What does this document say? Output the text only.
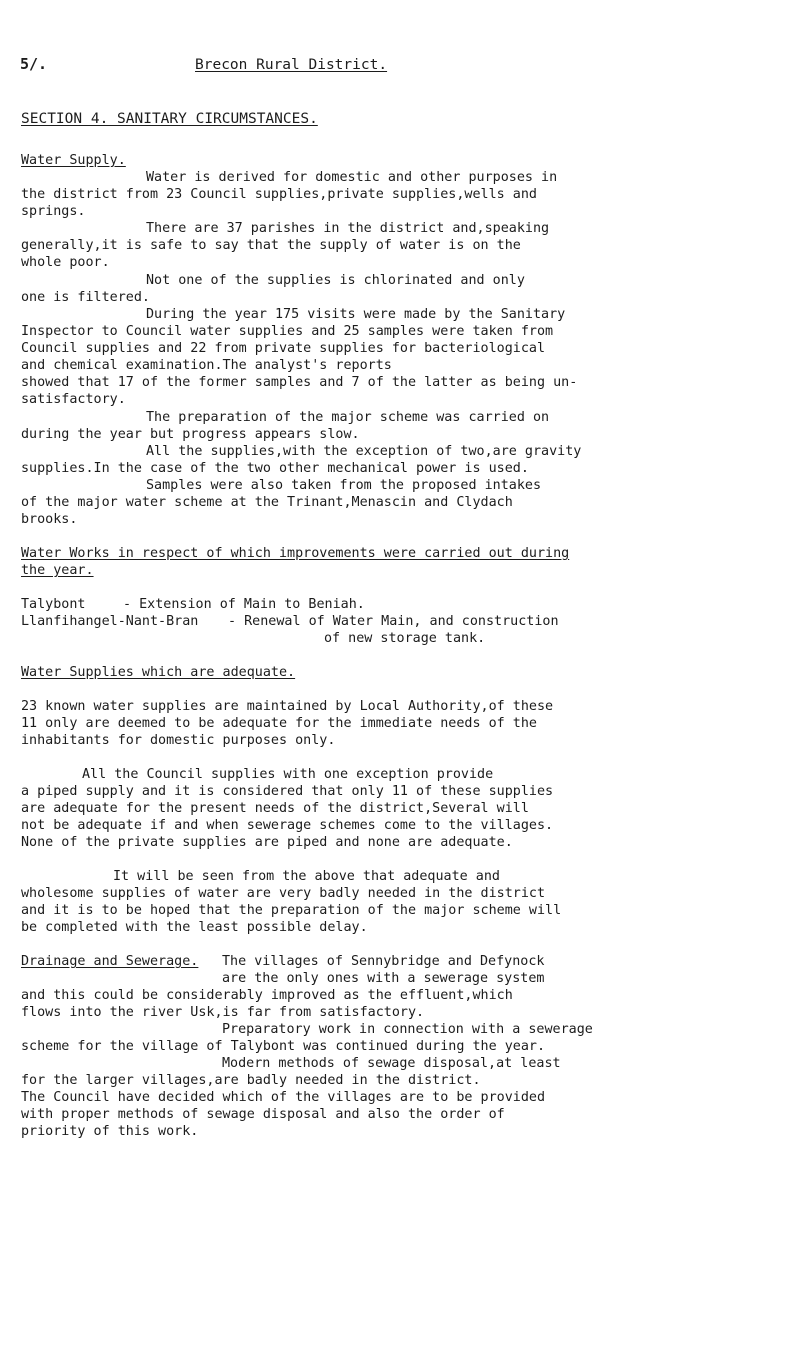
5/.	Brecon Rural District.
SECTION 4. SANITARY CIRCUMSTANCES.
Water Supply.
Water is derived for domestic and other purposes in
the district from 23 Council supplies,private supplies,wells and
springs.
There are 37 parishes in the district and,speaking
generally,it is safe to say that the supply of water is on the
whole poor.
Not one of the supplies is chlorinated and only
one is filtered.
During the year 175 visits were made by the Sanitary
Inspector to Council water supplies and 25 samples were taken from
Council supplies and 22 from private supplies for bacteriological
and chemical examination.The analyst's reports
showed that 17 of the former samples and 7 of the latter as being un-
satisfactory.
The preparation of the major scheme was carried on
during the year but progress appears slow.
All the supplies,with the exception of two,are gravity
supplies.In the case of the two other mechanical power is used.
Samples were also taken from the proposed intakes
of the major water scheme at the Trinant,Menascin and Clydach
brooks.
Water Works in respect of which improvements were carried out during
the year.
Talybont	- Extension of Main to Beniah.
Llanfihangel-Nant-Bran - Renewal of Water Main, and construction
of new storage tank.
Water Supplies which are adequate.
23 known water supplies are maintained by Local Authority,of these
11 only are deemed to be adequate for the immediate needs of the
inhabitants for domestic purposes only.
All the Council supplies with one exception provide
a piped supply and it is considered that only 11 of these supplies
are adequate for the present needs of the district,Several will
not be adequate if and when sewerage schemes come to the villages.
None of the private supplies are piped and none are adequate.
It will be seen from the above that adequate and
wholesome supplies of water are very badly needed in the district
and it is to be hoped that the preparation of the major scheme will
be completed with the least possible delay.
Drainage and Sewerage. The villages of Sennybridge and Defynock
are the only ones with a sewerage system
and this could be considerably improved as the effluent,which
flows into the river Usk,is far from satisfactory.
Preparatory work in connection with a sewerage
scheme for the village of Talybont was continued during the year.
Modern methods of sewage disposal,at least
for the larger villages,are badly needed in the district.
The Council have decided which of the villages are to be provided
with proper methods of sewage disposal and also the order of
priority of this work.
